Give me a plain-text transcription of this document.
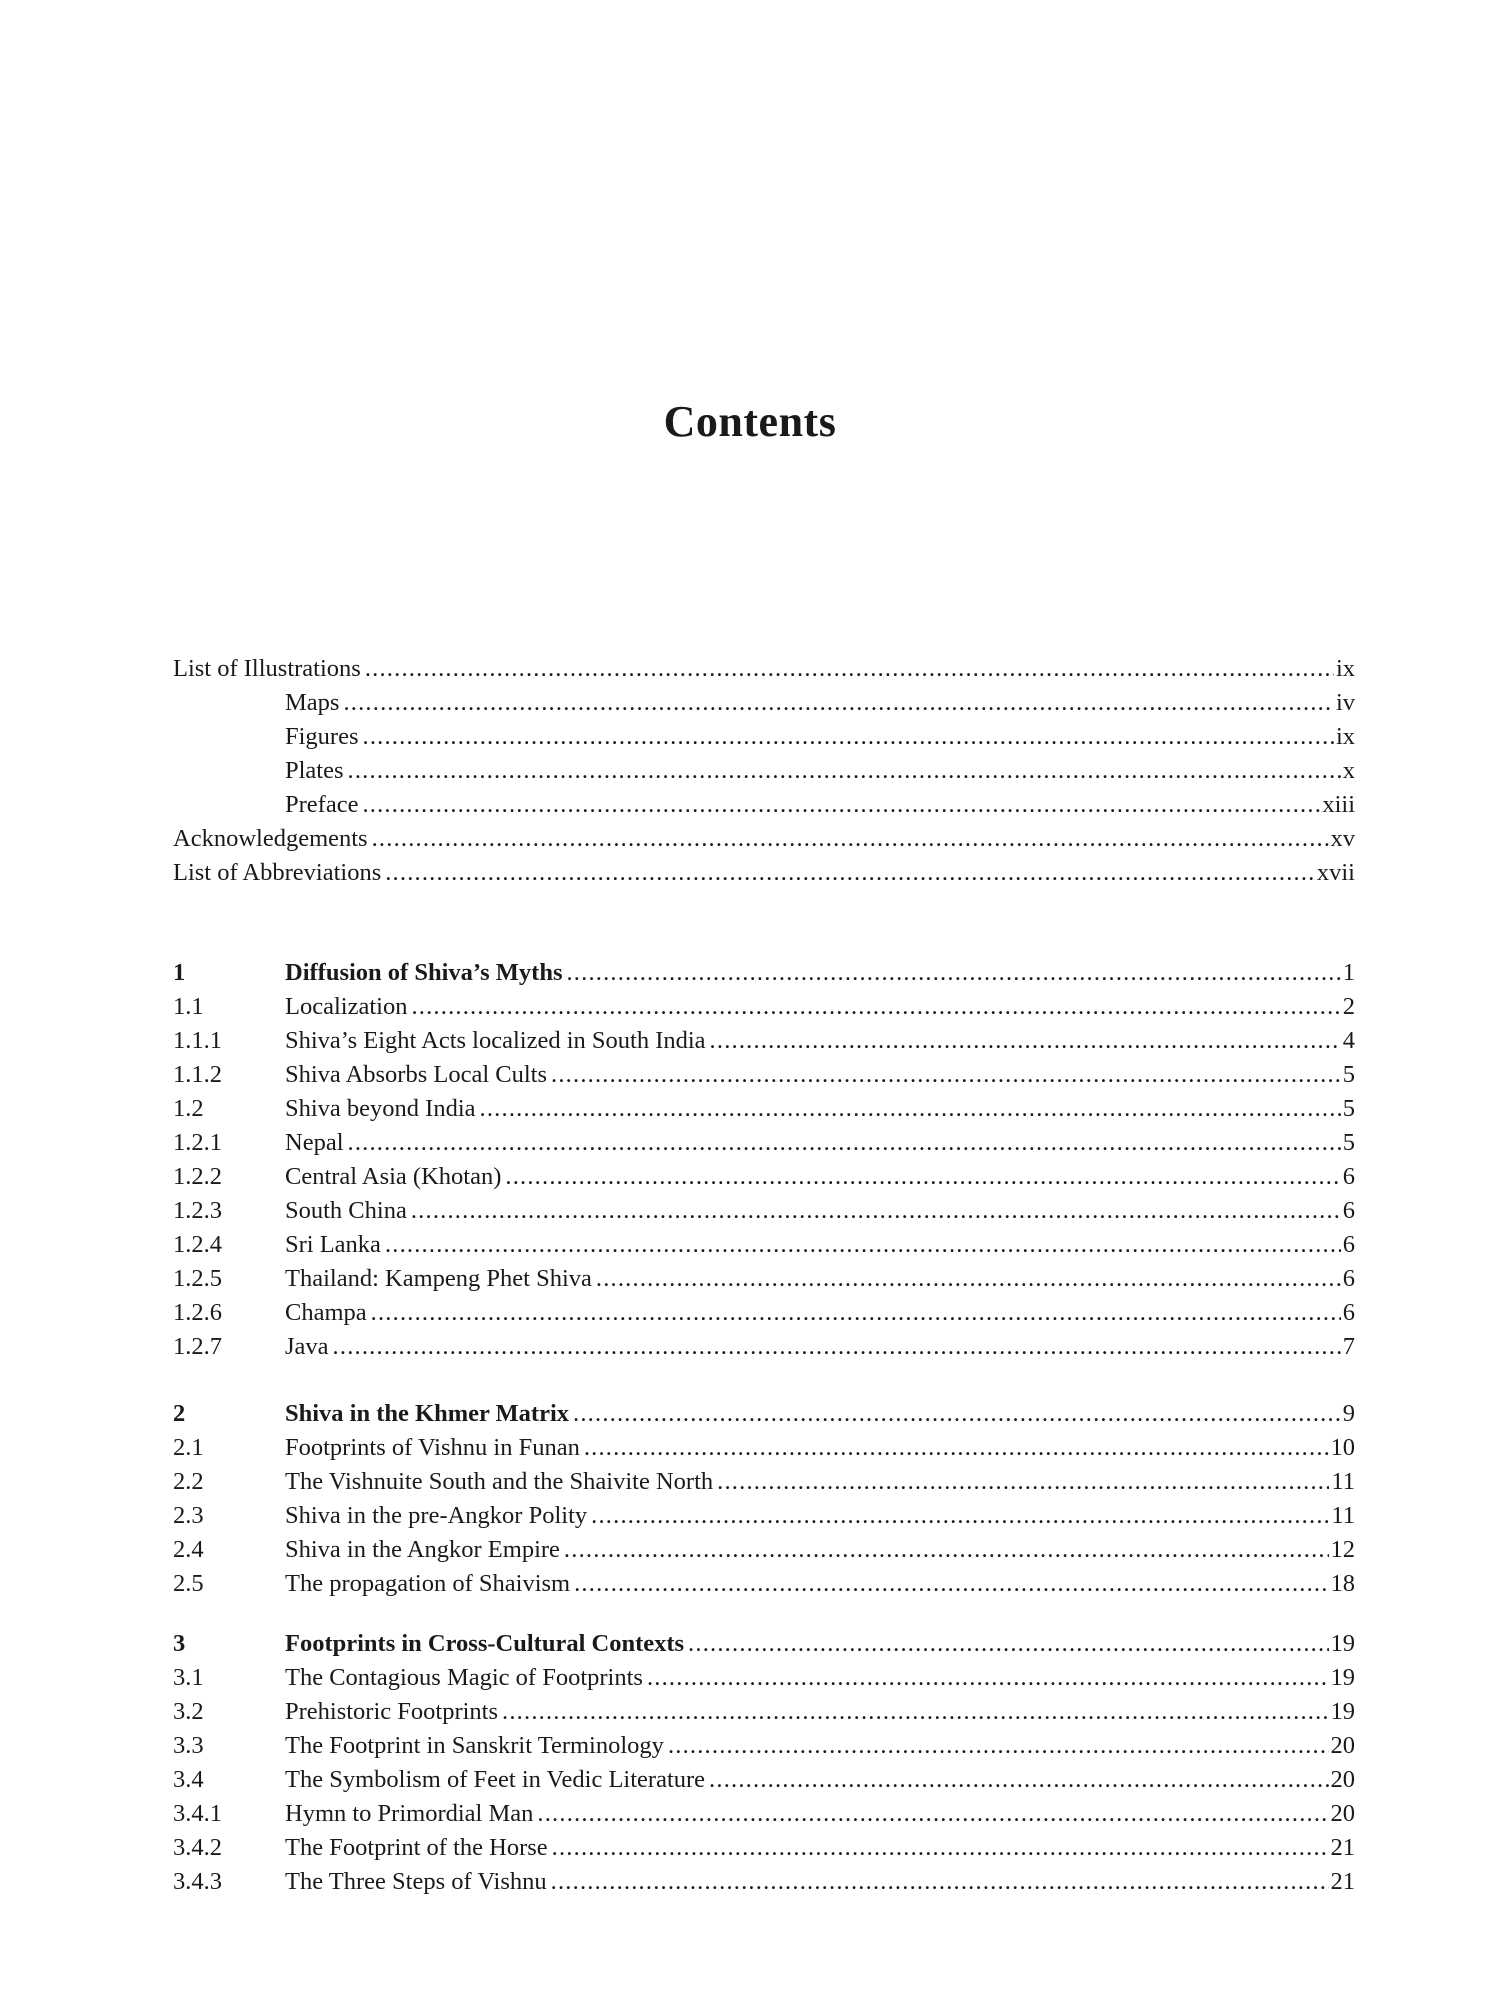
Contents
List of Illustrations .....	ix
Maps .....	iv
Figures .....	ix
Plates .....	x
Preface .....	xiii
Acknowledgements .....	xv
List of Abbreviations .....	xvii
1	Diffusion of Shiva’s Myths .....	1
1.1	Localization .....	2
1.1.1	Shiva’s Eight Acts localized in South India .....	4
1.1.2	Shiva Absorbs Local Cults .....	5
1.2	Shiva beyond India .....	5
1.2.1	Nepal .....	5
1.2.2	Central Asia (Khotan) .....	6
1.2.3	South China .....	6
1.2.4	Sri Lanka .....	6
1.2.5	Thailand: Kampeng Phet Shiva .....	6
1.2.6	Champa .....	6
1.2.7	Java .....	7
2	Shiva in the Khmer Matrix .....	9
2.1	Footprints of Vishnu in Funan .....	10
2.2	The Vishnuite South and the Shaivite North .....	11
2.3	Shiva in the pre-Angkor Polity .....	11
2.4	Shiva in the Angkor Empire .....	12
2.5	The propagation of Shaivism .....	18
3	Footprints in Cross-Cultural Contexts .....	19
3.1	The Contagious Magic of Footprints .....	19
3.2	Prehistoric Footprints .....	19
3.3	The Footprint in Sanskrit Terminology .....	20
3.4	The Symbolism of Feet in Vedic Literature .....	20
3.4.1	Hymn to Primordial Man .....	20
3.4.2	The Footprint of the Horse .....	21
3.4.3	The Three Steps of Vishnu .....	21
